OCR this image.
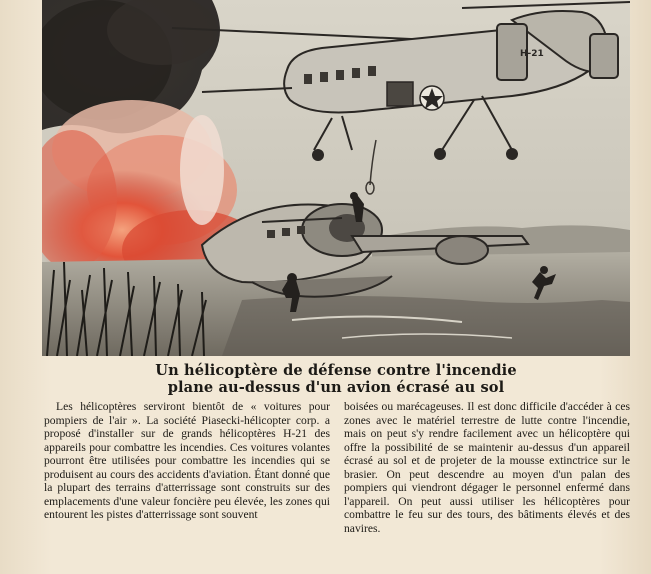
H-21
Un hélicoptère de défense contre l'incendie
plane au-dessus d'un avion écrasé au sol

Les hélicoptères serviront bientôt de « voitures pour pompiers de l'air ». La société Piasecki-hélicopter corp. a proposé d'installer sur de grands hélicoptères H-21 des appareils pour combattre les incendies. Ces voitures volantes pourront être utilisées pour combattre les incendies qui se produisent au cours des accidents d'aviation. Étant donné que la plupart des terrains d'atterrissage sont construits sur des emplacements d'une valeur foncière peu élevée, les zones qui entourent les pistes d'atterrissage sont souvent

boisées ou marécageuses. Il est donc difficile d'accéder à ces zones avec le matériel terrestre de lutte contre l'incendie, mais on peut s'y rendre facilement avec un hélicoptère qui offre la possibilité de se maintenir au-dessus d'un appareil écrasé au sol et de projeter de la mousse extinctrice sur le brasier. On peut descendre au moyen d'un palan des pompiers qui viendront dégager le personnel enfermé dans l'appareil. On peut aussi utiliser les hélicoptères pour combattre le feu sur des tours, des bâtiments élevés et des navires.
